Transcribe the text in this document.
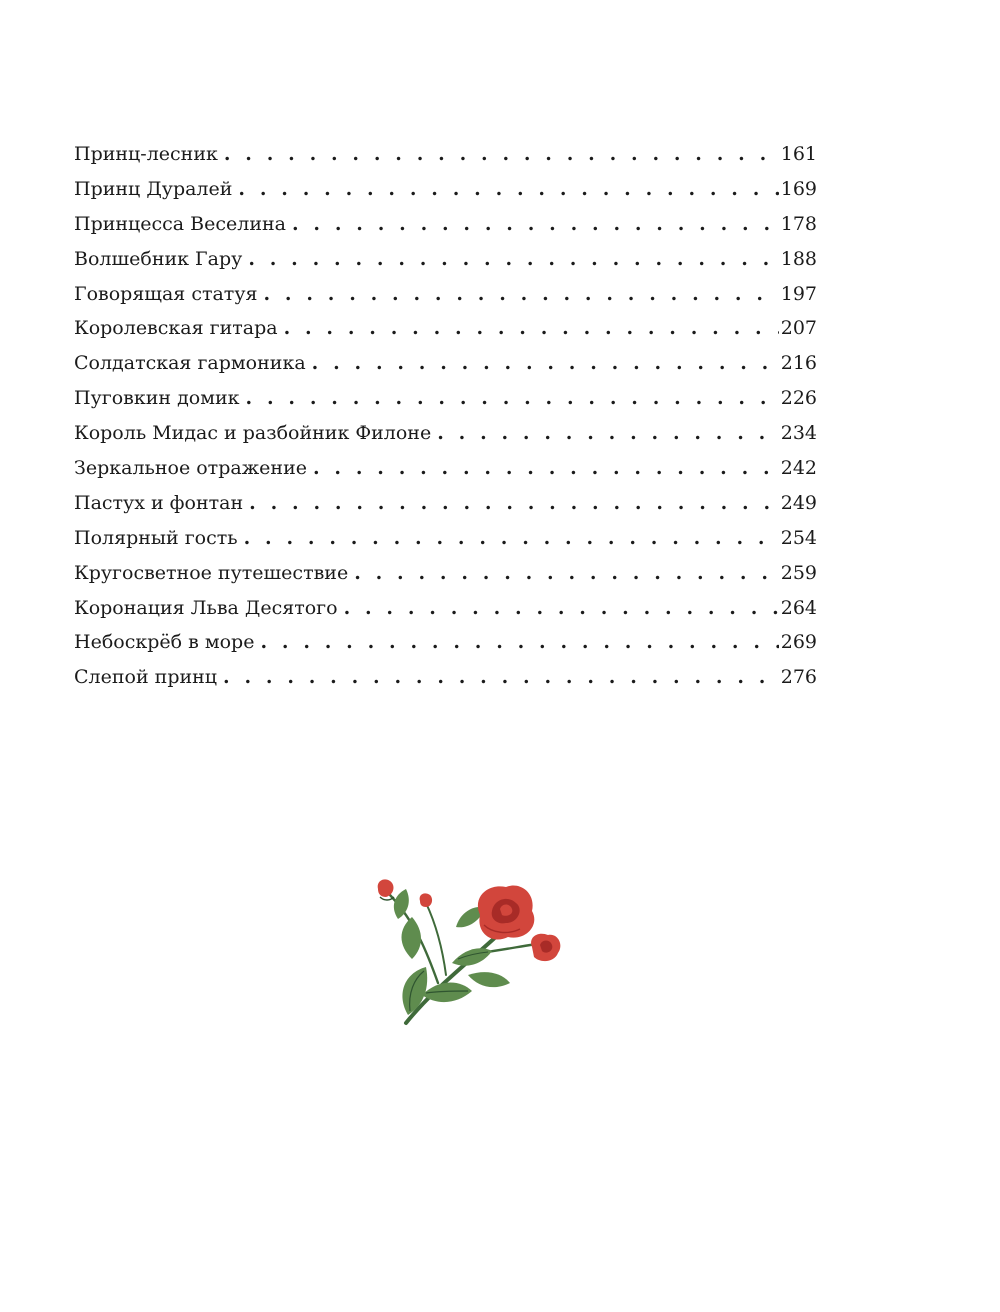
Принц-лесник . . .	161
Принц Дуралей . . .	169
Принцесса Веселина . . .	178
Волшебник Гару . . .	188
Говорящая статуя . . .	197
Королевская гитара . . .	207
Солдатская гармоника . . .	216
Пуговкин домик . . .	226
Король Мидас и разбойник Филоне . . .	234
Зеркальное отражение . . .	242
Пастух и фонтан . . .	249
Полярный гость . . .	254
Кругосветное путешествие . . .	259
Коронация Льва Десятого . . .	264
Небоскрёб в море . . .	269
Слепой принц . . .	276
